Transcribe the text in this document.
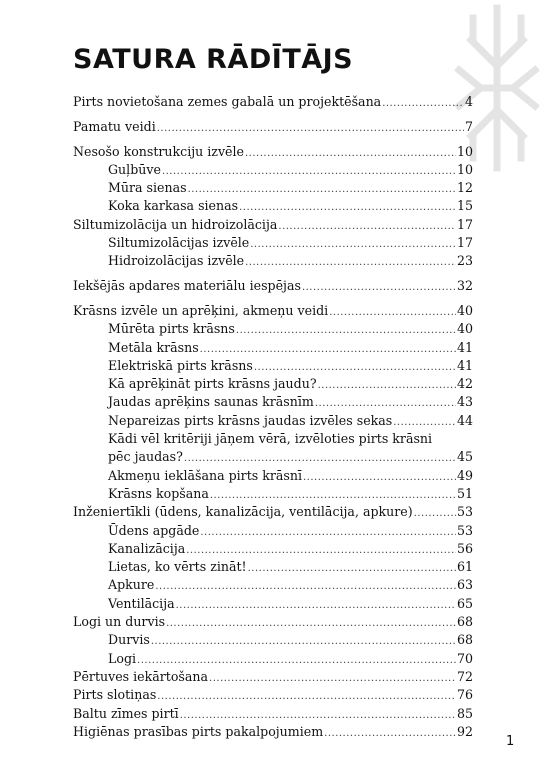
SATURA RĀDĪTĀJS
Pirts novietošana zemes gabalā un projektēšana .....	4
Pamatu veidi .....	7
Nesošo konstrukciju izvēle .....	10
Guļbūve .....	10
Mūra sienas .....	12
Koka karkasa sienas .....	15
Siltumizolācija un hidroizolācija .....	17
Siltumizolācijas izvēle .....	17
Hidroizolācijas izvēle .....	23
Iekšējās apdares materiālu iespējas .....	32
Krāsns izvēle un aprēķini, akmeņu veidi .....	40
Mūrēta pirts krāsns .....	40
Metāla krāsns .....	41
Elektriskā pirts krāsns .....	41
Kā aprēķināt pirts krāsns jaudu? .....	42
Jaudas aprēķins saunas krāsnīm .....	43
Nepareizas pirts krāsns jaudas izvēles sekas .....	44
Kādi vēl kritēriji jāņem vērā, izvēloties pirts krāsni
pēc jaudas? .....	45
Akmeņu ieklāšana pirts krāsnī .....	49
Krāsns kopšana .....	51
Inženiertīkli (ūdens, kanalizācija, ventilācija, apkure) .....	53
Ūdens apgāde .....	53
Kanalizācija .....	56
Lietas, ko vērts zināt! .....	61
Apkure .....	63
Ventilācija .....	65
Logi un durvis .....	68
Durvis .....	68
Logi .....	70
Pērtuves iekārtošana .....	72
Pirts slotiņas .....	76
Baltu zīmes pirtī .....	85
Higiēnas prasības pirts pakalpojumiem .....	92
1
